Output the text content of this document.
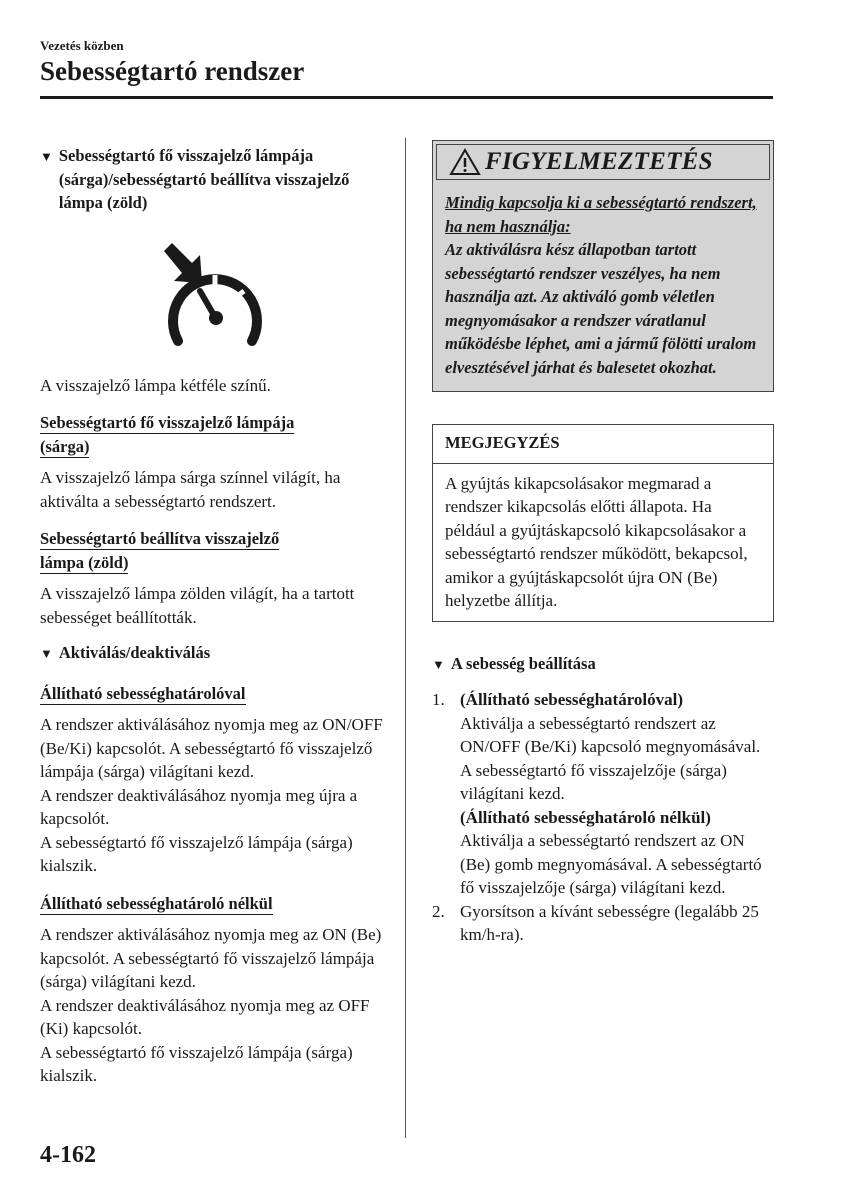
Vezetés közben
Sebességtartó rendszer
▼ Sebességtartó fő visszajelző lámpája (sárga)/sebességtartó beállítva visszajelző lámpa (zöld)
A visszajelző lámpa kétféle színű.
Sebességtartó fő visszajelző lámpája
(sárga)
A visszajelző lámpa sárga színnel világít, ha aktiválta a sebességtartó rendszert.
Sebességtartó beállítva visszajelző
lámpa (zöld)
A visszajelző lámpa zölden világít, ha a tartott sebességet beállították.
▼ Aktiválás/deaktiválás
Állítható sebességhatárolóval
A rendszer aktiválásához nyomja meg az ON/OFF (Be/Ki) kapcsolót. A sebességtartó fő visszajelző lámpája (sárga) világítani kezd.
A rendszer deaktiválásához nyomja meg újra a kapcsolót.
A sebességtartó fő visszajelző lámpája (sárga) kialszik.
Állítható sebességhatároló nélkül
A rendszer aktiválásához nyomja meg az ON (Be) kapcsolót. A sebességtartó fő visszajelző lámpája (sárga) világítani kezd.
A rendszer deaktiválásához nyomja meg az OFF (Ki) kapcsolót.
A sebességtartó fő visszajelző lámpája (sárga) kialszik.
FIGYELMEZTETÉS
Mindig kapcsolja ki a sebességtartó rendszert, ha nem használja:
Az aktiválásra kész állapotban tartott sebességtartó rendszer veszélyes, ha nem használja azt. Az aktiváló gomb véletlen megnyomásakor a rendszer váratlanul működésbe léphet, ami a jármű fölötti uralom elvesztésével járhat és balesetet okozhat.
MEGJEGYZÉS
A gyújtás kikapcsolásakor megmarad a rendszer kikapcsolás előtti állapota. Ha például a gyújtáskapcsoló kikapcsolásakor a sebességtartó rendszer működött, bekapcsol, amikor a gyújtáskapcsolót újra ON (Be) helyzetbe állítja.
▼ A sebesség beállítása
1. (Állítható sebességhatárolóval)
Aktiválja a sebességtartó rendszert az ON/OFF (Be/Ki) kapcsoló megnyomásával. A sebességtartó fő visszajelzője (sárga) világítani kezd.
(Állítható sebességhatároló nélkül)
Aktiválja a sebességtartó rendszert az ON (Be) gomb megnyomásával. A sebességtartó fő visszajelzője (sárga) világítani kezd.
2. Gyorsítson a kívánt sebességre (legalább 25 km/h-ra).
4-162
